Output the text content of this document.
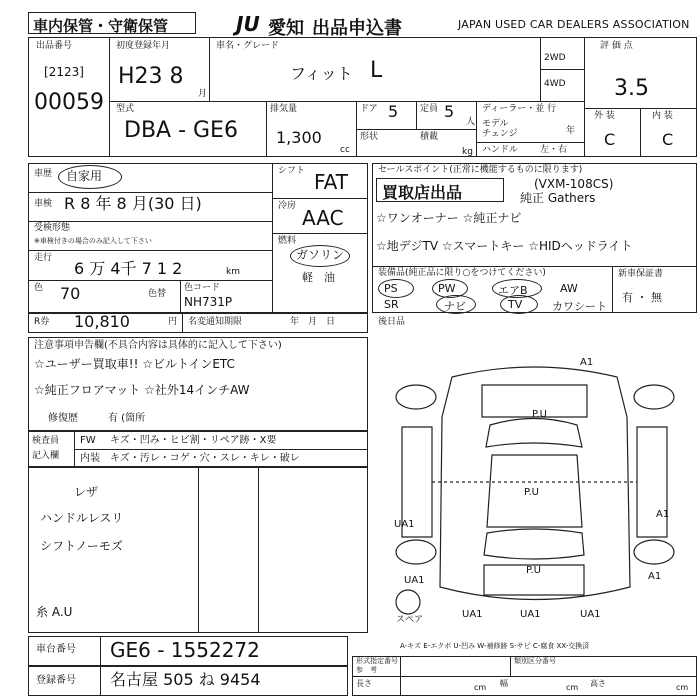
車内保管・守衛保管	JU 愛知 出品申込書	JAPAN USED CAR DEALERS ASSOCIATION
出品番号
[2123]
00059
初度登録年月
H23 8
月
車名・グレード
フィット L	2WD
4WD
評 価 点
3.5
型式
DBA - GE6
排気量
1,300
cc
ドア 5 定員 5
人
形状	積載
kg
ディーラー・並 行
モデル
チェンジ	年
ハンドル 左・右
外 装	内 装
C	C
車歴 自家用
車検 R 8 年 8 月(30 日)
受検形態
※車検付きの場合のみ記入して下さい
走行
6 万 4千 7 1 2	km
色 70	色替
色コード
NH731P
シフト FAT
冷房 AAC
燃料
ガソリン
軽　油
R券 10,810	円 名変通知期限	年　月　日
セールスポイント(正常に機能するものに限ります)
買取店出品	(VXM-108CS)
純正 Gathers
☆ワンオーナー ☆純正ナビ
☆地デジTV ☆スマートキー ☆HIDヘッドライト
装備品(純正品に限り○をつけてください)	新車保証書
有 ・ 無
PS	PW	エアB	AW
SR	ナビ	TV	カワシート
後日品
注意事項申告欄(不具合内容は具体的に記入して下さい)
☆ユーザー買取車!! ☆ビルトインETC
☆純正フロアマット ☆社外14インチAW
修復歴	有 (箇所
検査員
記入欄
FW キズ・凹み・ヒビ割・リペア跡・X要
内装 キズ・汚レ・コゲ・穴・スレ・キレ・破レ
レザ
ハンドルレスリ
シフトノーモズ
糸 A.U
A1
P.U
P.U
UA1
A1
A1
P.U
UA1
UA1	UA1	UA1
スペア
A-キズ E-エクボ U-凹み W-補修跡 S-サビ C-腐食 XX-交換済
車台番号 GE6 - 1552272
登録番号 名古屋 505 ね 9454
形式指定番号	類別区分番号
参　考
長さ	cm 幅	cm 高さ	cm
